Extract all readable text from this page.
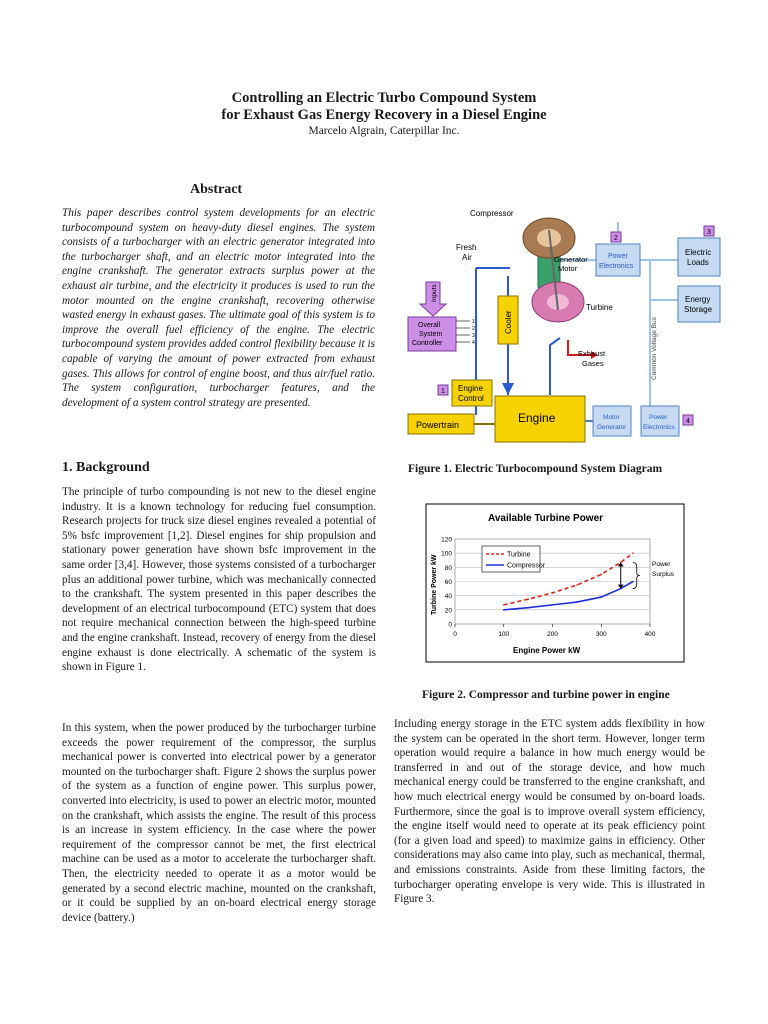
Controlling an Electric Turbo Compound System
for Exhaust Gas Energy Recovery in a Diesel Engine
Marcelo Algrain, Caterpillar Inc.
Abstract

This paper describes control system developments for an electric turbocompound system on heavy-duty diesel engines. The system consists of a turbocharger with an electric generator integrated into the turbocharger shaft, and an electric motor integrated into the engine crankshaft. The generator extracts surplus power at the exhaust air turbine, and the electricity it produces is used to run the motor mounted on the engine crankshaft, recovering otherwise wasted energy in exhaust gases. The ultimate goal of this system is to improve the overall fuel efficiency of the engine. The electric turbocompound system provides added control flexibility because it is capable of varying the amount of power extracted from exhaust gases. This allows for control of engine boost, and thus air/fuel ratio. The system configuration, turbocharger features, and the development of a system control strategy are presented.

1. Background

The principle of turbo compounding is not new to the diesel engine industry. It is a known technology for reducing fuel consumption. Research projects for truck size diesel engines revealed a potential of 5% bsfc improvement [1,2]. Diesel engines for ship propulsion and stationary power generation have shown bsfc improvement in the same order [3,4]. However, those systems consisted of a turbocharger plus an additional power turbine, which was mechanically connected to the crankshaft. The system presented in this paper describes the development of an electrical turbocompound (ETC) system that does not require mechanical connection between the high-speed turbine and the engine crankshaft. Instead, recovery of energy from the diesel engine exhaust is done electrically. A schematic of the system is shown in Figure 1.

In this system, when the power produced by the turbocharger turbine exceeds the power requirement of the compressor, the surplus mechanical power is converted into electrical power by a generator mounted on the turbocharger shaft. Figure 2 shows the surplus power of the system as a function of engine power. This surplus power, converted into electricity, is used to power an electric motor, mounted on the crankshaft, which assists the engine. The result of this process is an increase in system efficiency. In the case where the power requirement of the compressor cannot be met, the first electrical machine can be used as a motor to accelerate the turbocharger shaft. Then, the electricity needed to operate it as a motor would be generated by a second electric machine, mounted on the crankshaft, or it could be supplied by an on-board electrical energy storage device (battery.)

Compressor
Fresh
Air	Generator
Motor
Turbine
Exhaust
Gases
Cooler
Inputs
Overall
System
Controller
1
2
3
4
1 Engine
Control
Engine
Powertrain
2
Power
Electronics
3
Electric
Loads
Energy
Storage
Common Voltage Bus
Motor
Generator
Power
Electronics
4
Figure 1. Electric Turbocompound System Diagram
Available Turbine Power
Turbine Power kW
Engine Power kW
Power
Surplus
0
20
40
60
80
100
120
0	100	200	300	400
Turbine
Compressor
Figure 2. Compressor and turbine power in engine

Including energy storage in the ETC system adds flexibility in how the system can be operated in the short term. However, longer term operation would require a balance in how much energy would be transferred in and out of the storage device, and how much mechanical energy could be transferred to the engine crankshaft, and how much electrical energy would be consumed by on-board loads. Furthermore, since the goal is to improve overall system efficiency, the engine itself would need to operate at its peak efficiency point (for a given load and speed) to maximize gains in efficiency. Other considerations may also came into play, such as mechanical, thermal, and emissions constraints. Aside from these limiting factors, the turbocharger operating envelope is very wide. This is illustrated in Figure 3.
